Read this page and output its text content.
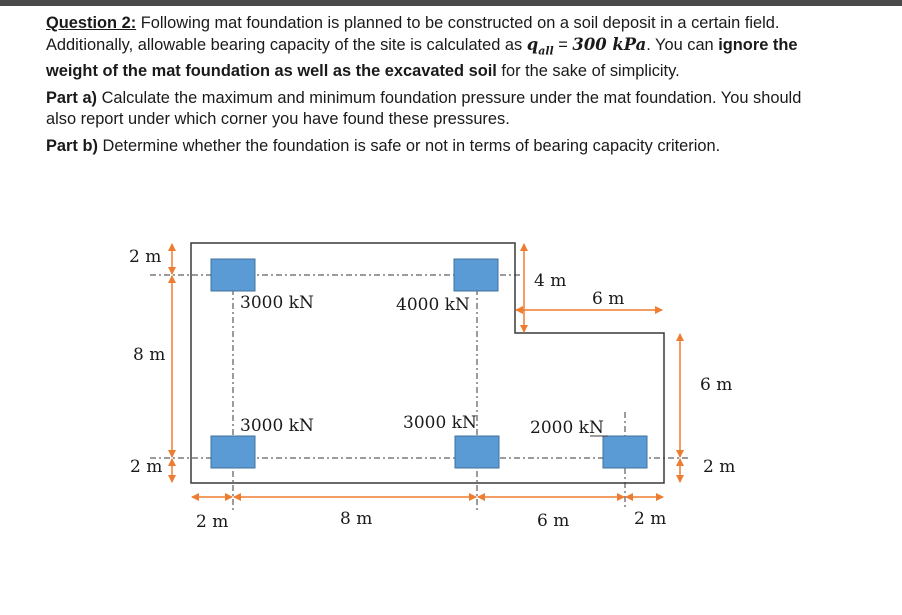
Question 2: Following mat foundation is planned to be constructed on a soil deposit in a certain field. Additionally, allowable bearing capacity of the site is calculated as $q_{all} = 300$ kPa. You can ignore the weight of the mat foundation as well as the excavated soil for the sake of simplicity.

Part a) Calculate the maximum and minimum foundation pressure under the mat foundation. You should also report under which corner you have found these pressures.

Part b) Determine whether the foundation is safe or not in terms of bearing capacity criterion.

3000 kN	4000 kN
3000 kN	3000 kN	2000 kN
2 m
8 m
2 m
4 m
6 m
6 m
2 m
2 m	8 m	6 m	2 m
